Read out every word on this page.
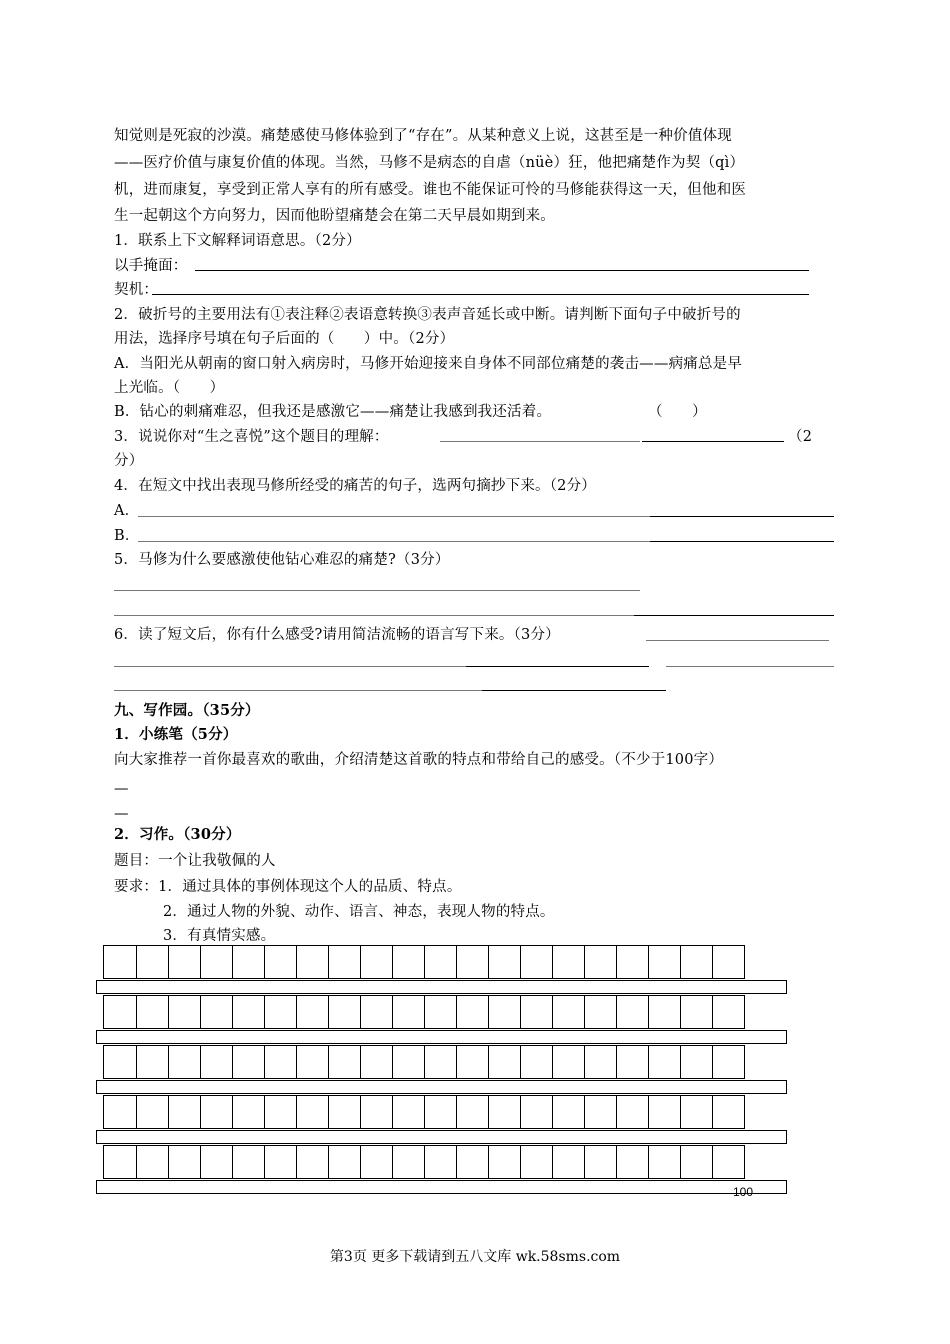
知觉则是死寂的沙漠。痛楚感使马修体验到了“存在”。从某种意义上说，这甚至是一种价值体现
——医疗价值与康复价值的体现。当然，马修不是病态的自虐（nüè）狂，他把痛楚作为契（qì）
机，进而康复，享受到正常人享有的所有感受。谁也不能保证可怜的马修能获得这一天，但他和医
生一起朝这个方向努力，因而他盼望痛楚会在第二天早晨如期到来。
1．联系上下文解释词语意思。（2分）
以手掩面：
契机：
2．破折号的主要用法有①表注释②表语意转换③表声音延长或中断。请判断下面句子中破折号的
用法，选择序号填在句子后面的（　　）中。（2分）
A．当阳光从朝南的窗口射入病房时，马修开始迎接来自身体不同部位痛楚的袭击——病痛总是早
上光临。（　　）
B．钻心的刺痛难忍，但我还是感激它——痛楚让我感到我还活着。	（　　）
3．说说你对“生之喜悦”这个题目的理解：	（2
分）
4．在短文中找出表现马修所经受的痛苦的句子，选两句摘抄下来。（2分）
A．
B．
5．马修为什么要感激使他钻心难忍的痛楚?（3分）
6．读了短文后，你有什么感受?请用简洁流畅的语言写下来。（3分）
九、写作园。（35分）
1．小练笔（5分）
向大家推荐一首你最喜欢的歌曲，介绍清楚这首歌的特点和带给自己的感受。（不少于100字）
—
—
2．习作。（30分）
题目：一个让我敬佩的人
要求：1．通过具体的事例体现这个人的品质、特点。
2．通过人物的外貌、动作、语言、神态，表现人物的特点。
3．有真情实感。
100
第3页 更多下载请到五八文库 wk.58sms.com
